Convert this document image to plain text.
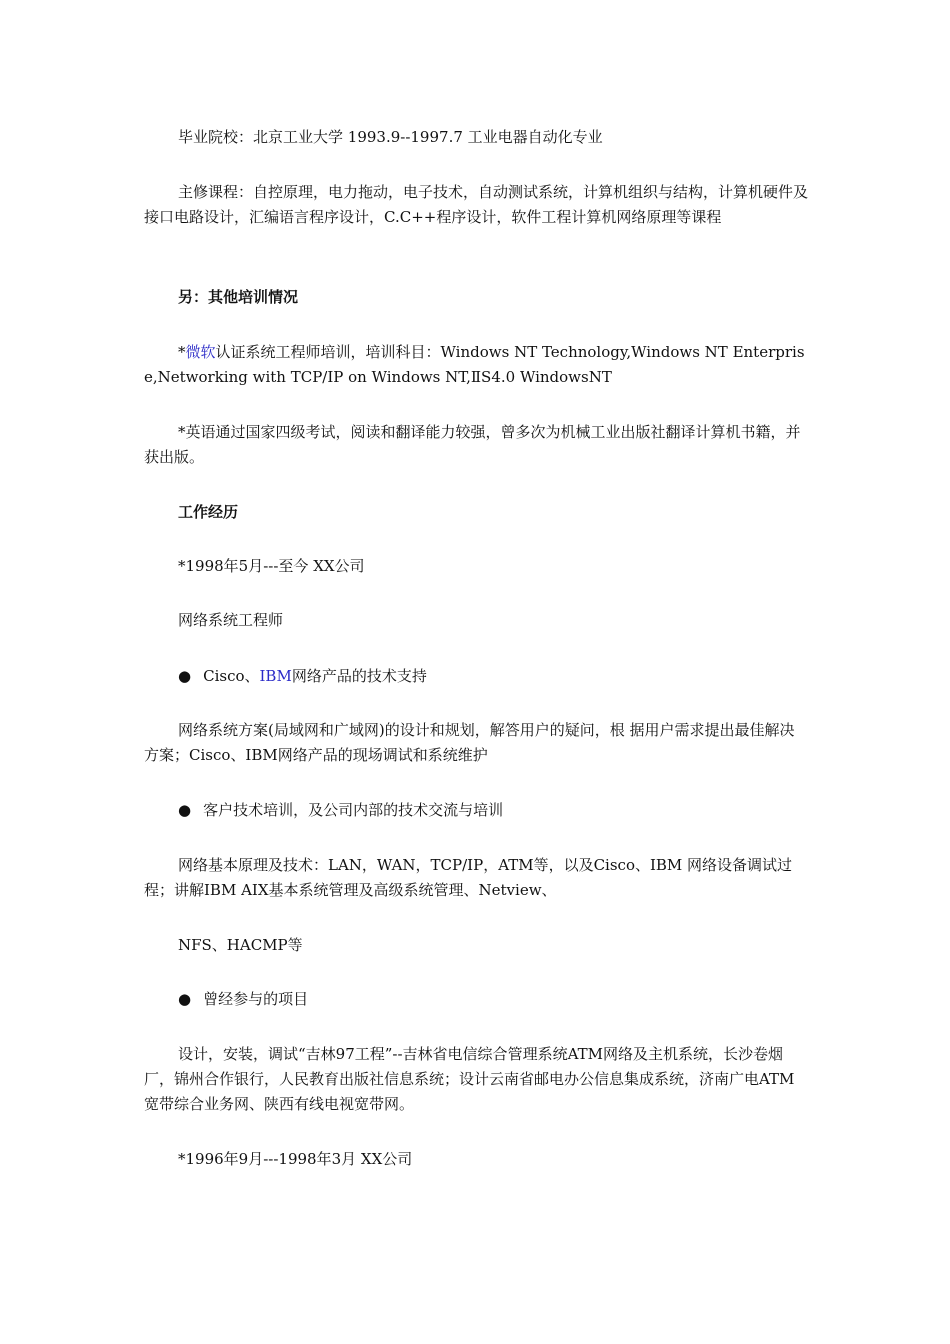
毕业院校：北京工业大学 1993.9--1997.7 工业电器自动化专业
主修课程：自控原理，电力拖动，电子技术，自动测试系统，计算机组织与结构，计算机硬件及接口电路设计，汇编语言程序设计，C.C++程序设计，软件工程计算机网络原理等课程
另：其他培训情况
*微软认证系统工程师培训，培训科目：Windows NT Technology,Windows NT Enterprise,Networking with TCP/IP on Windows NT,ⅡS4.0 WindowsNT
*英语通过国家四级考试，阅读和翻译能力较强，曾多次为机械工业出版社翻译计算机书籍，并获出版。
工作经历
*1998年5月---至今 XX公司
网络系统工程师
● Cisco、IBM网络产品的技术支持
网络系统方案(局域网和广域网)的设计和规划，解答用户的疑问，根 据用户需求提出最佳解决方案；Cisco、IBM网络产品的现场调试和系统维护
● 客户技术培训，及公司内部的技术交流与培训
网络基本原理及技术：LAN，WAN，TCP/IP，ATM等，以及Cisco、IBM 网络设备调试过程；讲解IBM AIX基本系统管理及高级系统管理、Netview、
NFS、HACMP等
● 曾经参与的项目
设计，安装，调试“吉林97工程”--吉林省电信综合管理系统ATM网络及主机系统，长沙卷烟厂，锦州合作银行，人民教育出版社信息系统；设计云南省邮电办公信息集成系统，济南广电ATM宽带综合业务网、陕西有线电视宽带网。
*1996年9月---1998年3月 XX公司
